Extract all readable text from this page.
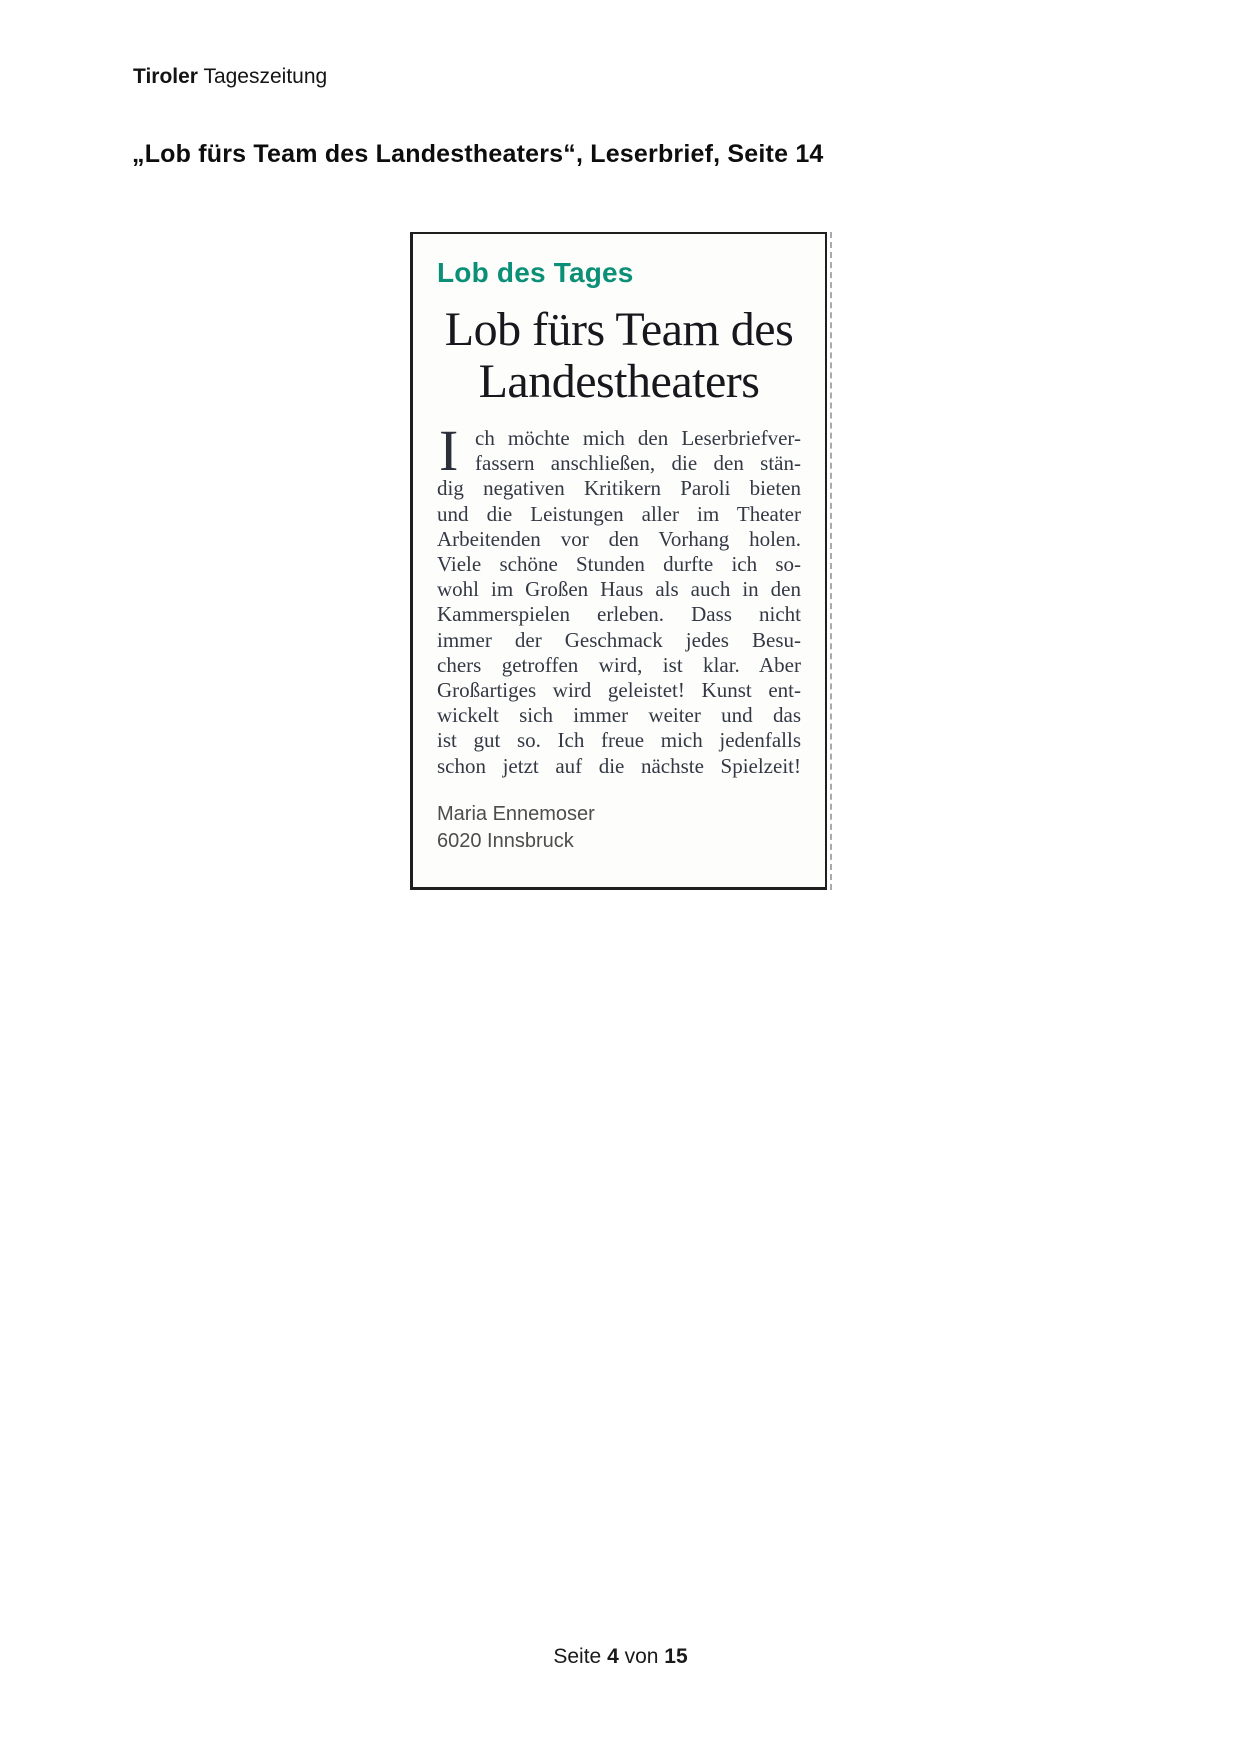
Tiroler Tageszeitung
„Lob fürs Team des Landestheaters“, Leserbrief, Seite 14
Lob des Tages
Lob fürs Team des
Landestheaters
I ch möchte mich den Leserbriefver-
fassern anschließen, die den stän-
dig negativen Kritikern Paroli bieten
und die Leistungen aller im Theater
Arbeitenden vor den Vorhang holen.
Viele schöne Stunden durfte ich so-
wohl im Großen Haus als auch in den
Kammerspielen erleben. Dass nicht
immer der Geschmack jedes Besu-
chers getroffen wird, ist klar. Aber
Großartiges wird geleistet! Kunst ent-
wickelt sich immer weiter und das
ist gut so. Ich freue mich jedenfalls
schon jetzt auf die nächste Spielzeit!
Maria Ennemoser
6020 Innsbruck
Seite 4 von 15
